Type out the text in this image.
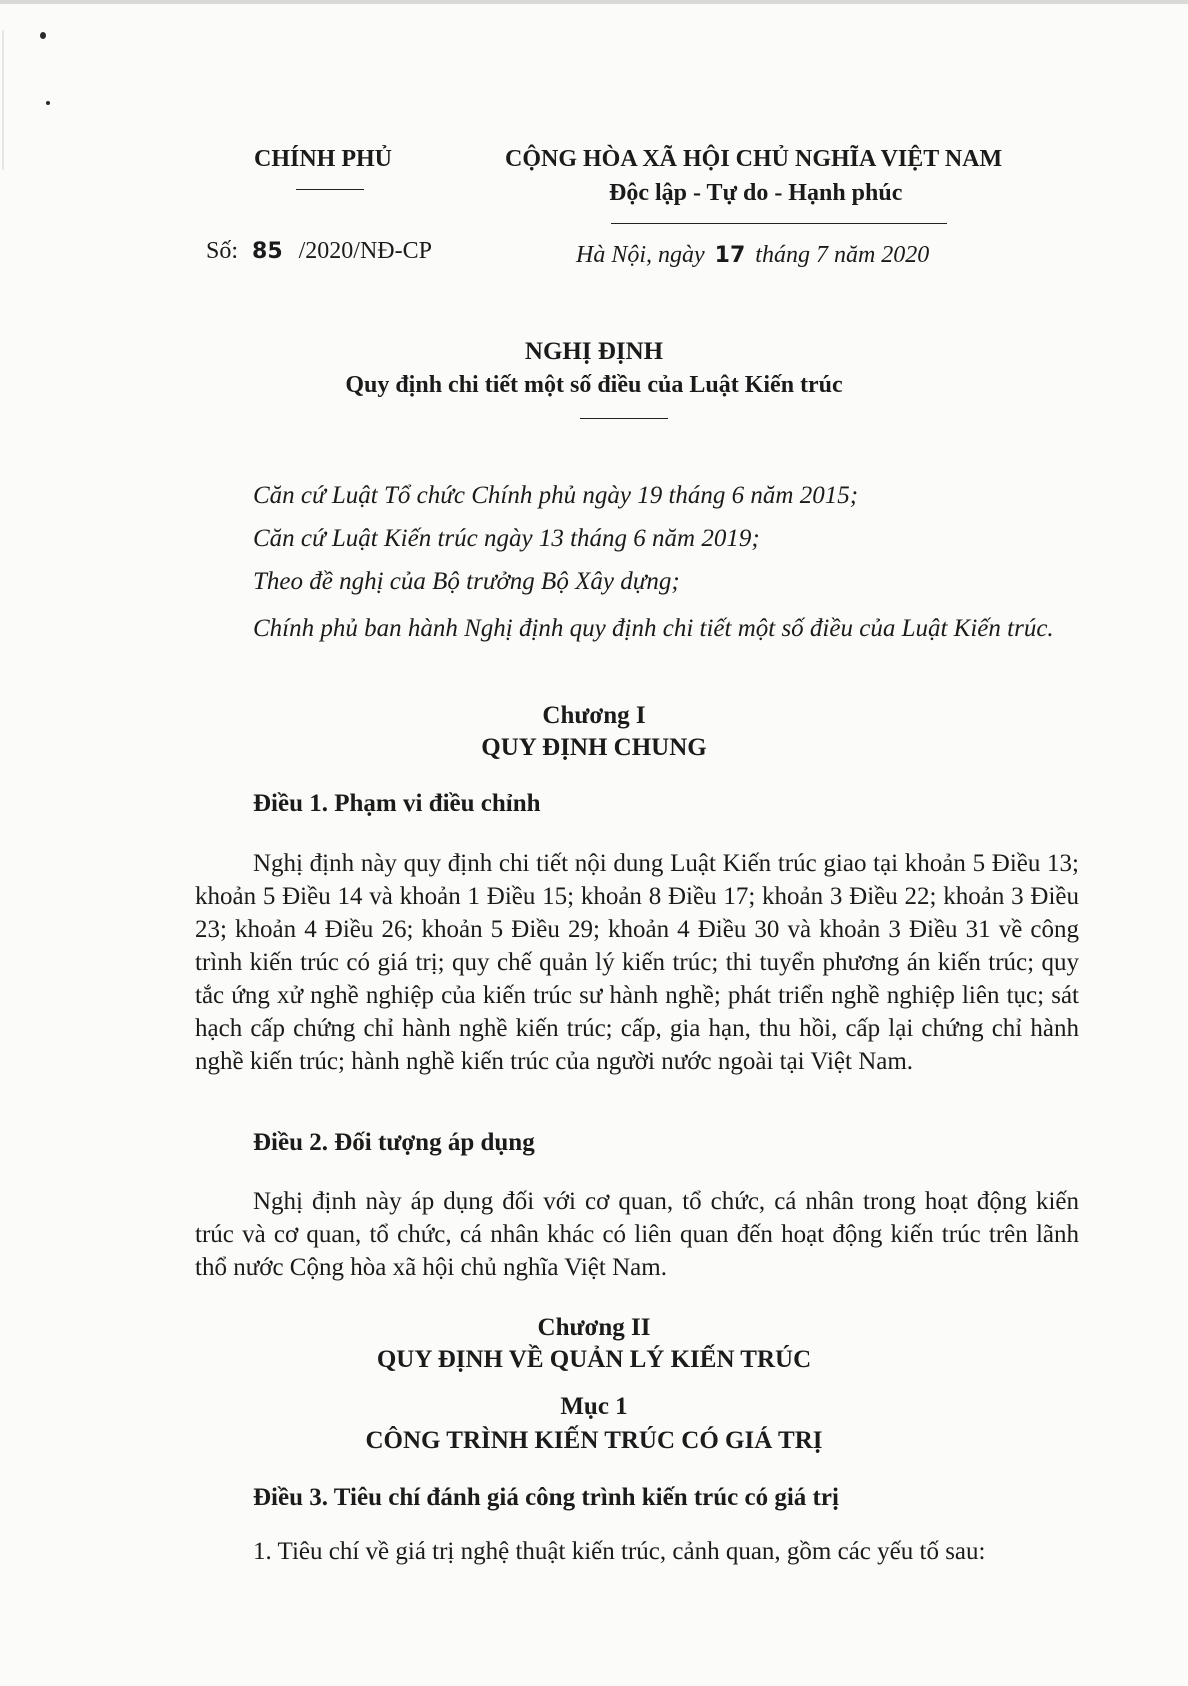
CHÍNH PHỦ	CỘNG HÒA XÃ HỘI CHỦ NGHĨA VIỆT NAM
Độc lập - Tự do - Hạnh phúc
Số: 85 /2020/NĐ-CP	Hà Nội, ngày 17 tháng 7 năm 2020
NGHỊ ĐỊNH
Quy định chi tiết một số điều của Luật Kiến trúc
Căn cứ Luật Tổ chức Chính phủ ngày 19 tháng 6 năm 2015;
Căn cứ Luật Kiến trúc ngày 13 tháng 6 năm 2019;
Theo đề nghị của Bộ trưởng Bộ Xây dựng;
Chính phủ ban hành Nghị định quy định chi tiết một số điều của Luật Kiến trúc.
Chương I
QUY ĐỊNH CHUNG
Điều 1. Phạm vi điều chỉnh
Nghị định này quy định chi tiết nội dung Luật Kiến trúc giao tại khoản 5 Điều 13; khoản 5 Điều 14 và khoản 1 Điều 15; khoản 8 Điều 17; khoản 3 Điều 22; khoản 3 Điều 23; khoản 4 Điều 26; khoản 5 Điều 29; khoản 4 Điều 30 và khoản 3 Điều 31 về công trình kiến trúc có giá trị; quy chế quản lý kiến trúc; thi tuyển phương án kiến trúc; quy tắc ứng xử nghề nghiệp của kiến trúc sư hành nghề; phát triển nghề nghiệp liên tục; sát hạch cấp chứng chỉ hành nghề kiến trúc; cấp, gia hạn, thu hồi, cấp lại chứng chỉ hành nghề kiến trúc; hành nghề kiến trúc của người nước ngoài tại Việt Nam.
Điều 2. Đối tượng áp dụng
Nghị định này áp dụng đối với cơ quan, tổ chức, cá nhân trong hoạt động kiến trúc và cơ quan, tổ chức, cá nhân khác có liên quan đến hoạt động kiến trúc trên lãnh thổ nước Cộng hòa xã hội chủ nghĩa Việt Nam.
Chương II
QUY ĐỊNH VỀ QUẢN LÝ KIẾN TRÚC
Mục 1
CÔNG TRÌNH KIẾN TRÚC CÓ GIÁ TRỊ
Điều 3. Tiêu chí đánh giá công trình kiến trúc có giá trị
1. Tiêu chí về giá trị nghệ thuật kiến trúc, cảnh quan, gồm các yếu tố sau:
